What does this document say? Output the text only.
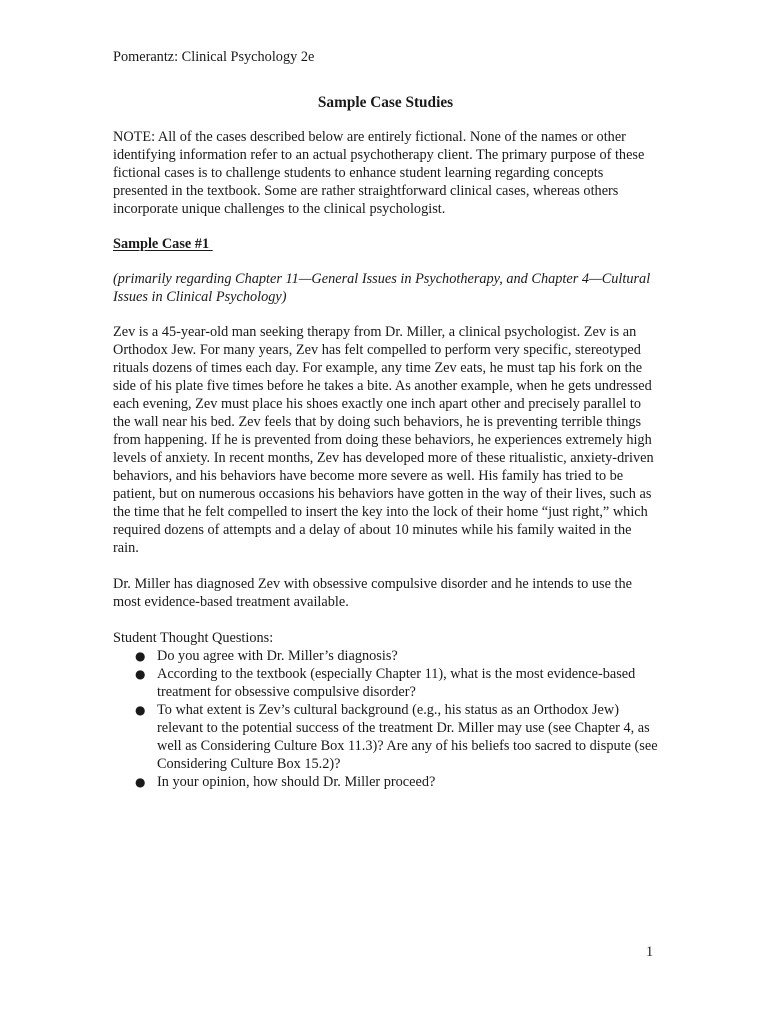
Pomerantz: Clinical Psychology 2e

Sample Case Studies

NOTE: All of the cases described below are entirely fictional. None of the names or other identifying information refer to an actual psychotherapy client. The primary purpose of these fictional cases is to challenge students to enhance student learning regarding concepts presented in the textbook. Some are rather straightforward clinical cases, whereas others incorporate unique challenges to the clinical psychologist.

Sample Case #1

(primarily regarding Chapter 11—General Issues in Psychotherapy, and Chapter 4—Cultural Issues in Clinical Psychology)

Zev is a 45-year-old man seeking therapy from Dr. Miller, a clinical psychologist. Zev is an Orthodox Jew. For many years, Zev has felt compelled to perform very specific, stereotyped rituals dozens of times each day. For example, any time Zev eats, he must tap his fork on the side of his plate five times before he takes a bite. As another example, when he gets undressed each evening, Zev must place his shoes exactly one inch apart other and precisely parallel to the wall near his bed. Zev feels that by doing such behaviors, he is preventing terrible things from happening. If he is prevented from doing these behaviors, he experiences extremely high levels of anxiety. In recent months, Zev has developed more of these ritualistic, anxiety-driven behaviors, and his behaviors have become more severe as well. His family has tried to be patient, but on numerous occasions his behaviors have gotten in the way of their lives, such as the time that he felt compelled to insert the key into the lock of their home “just right,” which required dozens of attempts and a delay of about 10 minutes while his family waited in the rain.

Dr. Miller has diagnosed Zev with obsessive compulsive disorder and he intends to use the most evidence-based treatment available.

Student Thought Questions:

● Do you agree with Dr. Miller’s diagnosis?
● According to the textbook (especially Chapter 11), what is the most evidence-based treatment for obsessive compulsive disorder?
● To what extent is Zev’s cultural background (e.g., his status as an Orthodox Jew) relevant to the potential success of the treatment Dr. Miller may use (see Chapter 4, as well as Considering Culture Box 11.3)? Are any of his beliefs too sacred to dispute (see Considering Culture Box 15.2)?
● In your opinion, how should Dr. Miller proceed?
1
